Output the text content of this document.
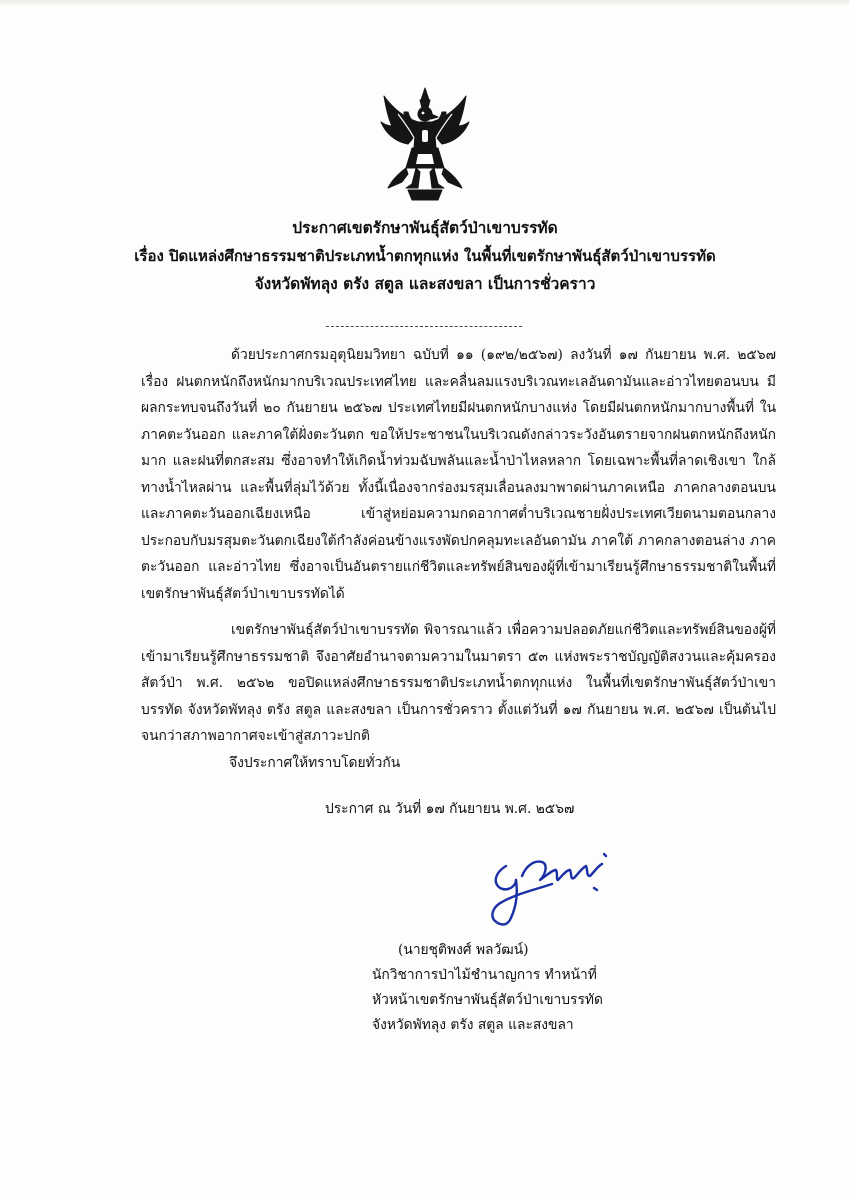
ประกาศเขตรักษาพันธุ์สัตว์ป่าเขาบรรทัด
เรื่อง ปิดแหล่งศึกษาธรรมชาติประเภทน้ำตกทุกแห่ง ในพื้นที่เขตรักษาพันธุ์สัตว์ป่าเขาบรรทัด
จังหวัดพัทลุง ตรัง สตูล และสงขลา เป็นการชั่วคราว

ด้วยประกาศกรมอุตุนิยมวิทยา ฉบับที่ ๑๑ (๑๙๒/๒๕๖๗) ลงวันที่ ๑๗ กันยายน พ.ศ. ๒๕๖๗ เรื่อง ฝนตกหนักถึงหนักมากบริเวณประเทศไทย และคลื่นลมแรงบริเวณทะเลอันดามันและอ่าวไทยตอนบน มีผลกระทบจนถึงวันที่ ๒๐ กันยายน ๒๕๖๗ ประเทศไทยมีฝนตกหนักบางแห่ง โดยมีฝนตกหนักมากบางพื้นที่ ในภาคตะวันออก และภาคใต้ฝั่งตะวันตก ขอให้ประชาชนในบริเวณดังกล่าวระวังอันตรายจากฝนตกหนักถึงหนักมาก และฝนที่ตกสะสม ซึ่งอาจทำให้เกิดน้ำท่วมฉับพลันและน้ำป่าไหลหลาก โดยเฉพาะพื้นที่ลาดเชิงเขา ใกล้ทางน้ำไหลผ่าน และพื้นที่ลุ่มไว้ด้วย ทั้งนี้เนื่องจากร่องมรสุมเลื่อนลงมาพาดผ่านภาคเหนือ ภาคกลางตอนบน และภาคตะวันออกเฉียงเหนือ เข้าสู่หย่อมความกดอากาศต่ำบริเวณชายฝั่งประเทศเวียดนามตอนกลาง ประกอบกับมรสุมตะวันตกเฉียงใต้กำลังค่อนข้างแรงพัดปกคลุมทะเลอันดามัน ภาคใต้ ภาคกลางตอนล่าง ภาคตะวันออก และอ่าวไทย ซึ่งอาจเป็นอันตรายแก่ชีวิตและทรัพย์สินของผู้ที่เข้ามาเรียนรู้ศึกษาธรรมชาติในพื้นที่เขตรักษาพันธุ์สัตว์ป่าเขาบรรทัดได้

เขตรักษาพันธุ์สัตว์ป่าเขาบรรทัด พิจารณาแล้ว เพื่อความปลอดภัยแก่ชีวิตและทรัพย์สินของผู้ที่เข้ามาเรียนรู้ศึกษาธรรมชาติ จึงอาศัยอำนาจตามความในมาตรา ๕๓ แห่งพระราชบัญญัติสงวนและคุ้มครองสัตว์ป่า พ.ศ. ๒๕๖๒ ขอปิดแหล่งศึกษาธรรมชาติประเภทน้ำตกทุกแห่ง ในพื้นที่เขตรักษาพันธุ์สัตว์ป่าเขาบรรทัด จังหวัดพัทลุง ตรัง สตูล และสงขลา เป็นการชั่วคราว ตั้งแต่วันที่ ๑๗ กันยายน พ.ศ. ๒๕๖๗ เป็นต้นไป จนกว่าสภาพอากาศจะเข้าสู่สภาวะปกติ

จึงประกาศให้ทราบโดยทั่วกัน
ประกาศ ณ วันที่ ๑๗ กันยายน พ.ศ. ๒๕๖๗
(นายชุติพงศ์ พลวัฒน์)
นักวิชาการป่าไม้ชำนาญการ ทำหน้าที่
หัวหน้าเขตรักษาพันธุ์สัตว์ป่าเขาบรรทัด
จังหวัดพัทลุง ตรัง สตูล และสงขลา
